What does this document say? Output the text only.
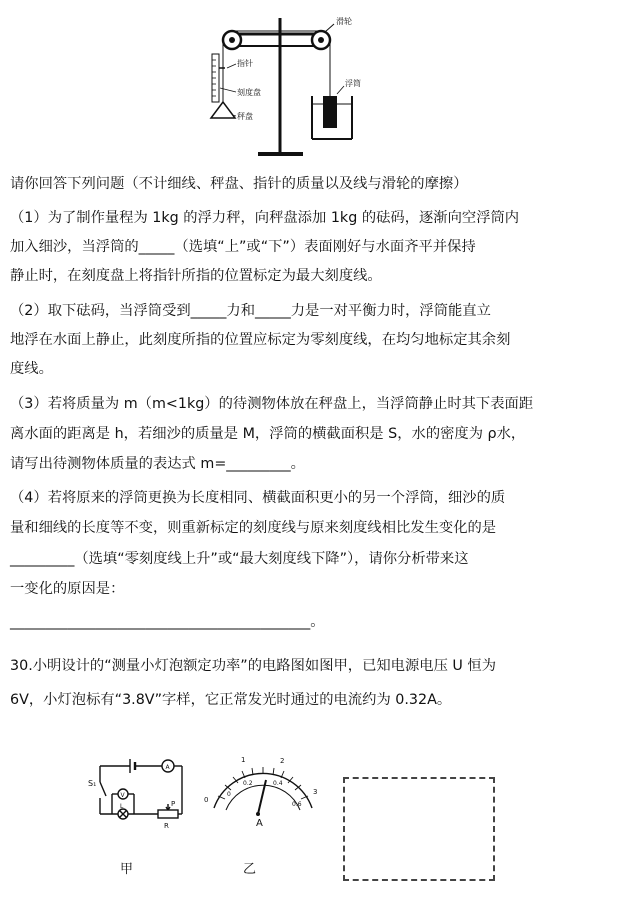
滑轮
指针
刻度盘
秤盘
浮筒
请你回答下列问题（不计细线、秤盘、指针的质量以及线与滑轮的摩擦）
（1）为了制作量程为 1kg 的浮力秤，向秤盘添加 1kg 的砝码，逐渐向空浮筒内
加入细沙，当浮筒的_____（选填“上”或“下”）表面刚好与水面齐平并保持
静止时，在刻度盘上将指针所指的位置标定为最大刻度线。
（2）取下砝码，当浮筒受到_____力和_____力是一对平衡力时，浮筒能直立
地浮在水面上静止，此刻度所指的位置应标定为零刻度线，在均匀地标定其余刻
度线。
（3）若将质量为 m（m<1kg）的待测物体放在秤盘上，当浮筒静止时其下表面距
离水面的距离是 h，若细沙的质量是 M，浮筒的横截面积是 S，水的密度为 ρ水，
请写出待测物体质量的表达式 m=_________。
（4）若将原来的浮筒更换为长度相同、横截面积更小的另一个浮筒，细沙的质
量和细线的长度等不变，则重新标定的刻度线与原来刻度线相比发生变化的是
_________（选填“零刻度线上升”或“最大刻度线下降”），请你分析带来这
一变化的原因是：
__________________________________________。
30.小明设计的“测量小灯泡额定功率”的电路图如图甲，已知电源电压 U 恒为
6V，小灯泡标有“3.8V”字样，它正常发光时通过的电流约为 0.32A。
S₁
V
A
L	P
R
0
1	2
3
0
0.2	0.4
0.6
A
甲	乙
